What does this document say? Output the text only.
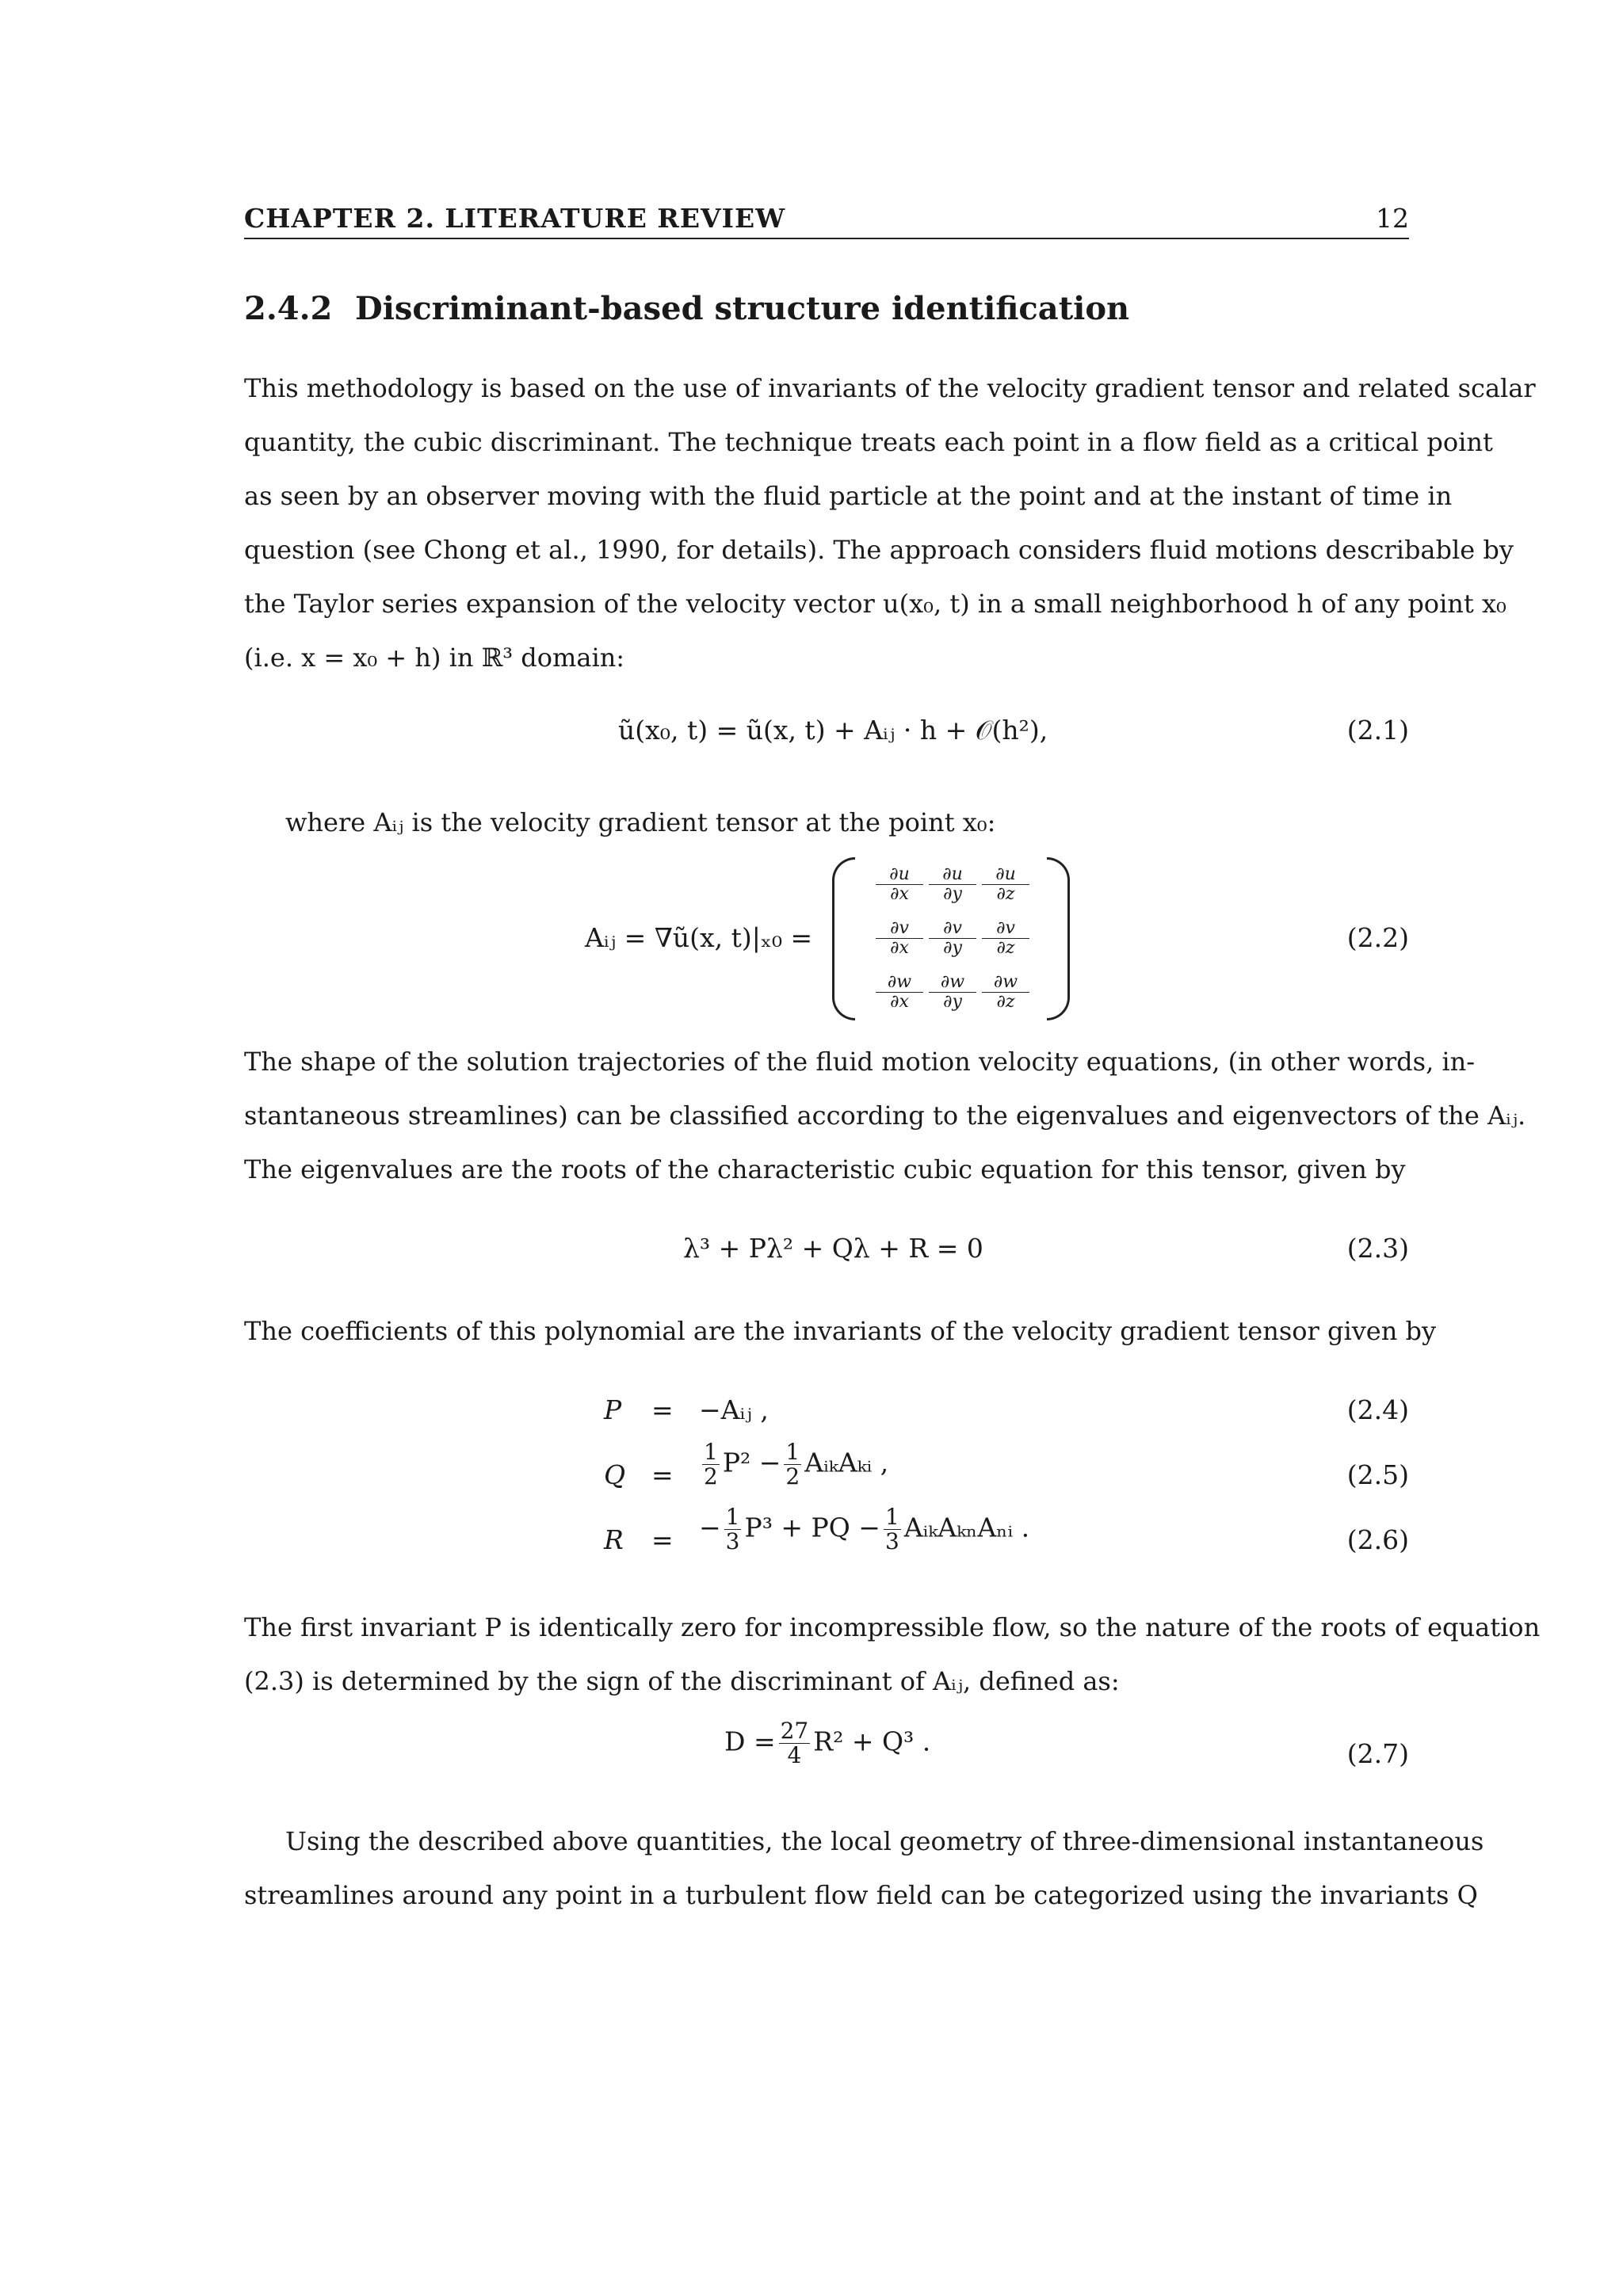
CHAPTER 2. LITERATURE REVIEW	12
2.4.2 Discriminant-based structure identification
This methodology is based on the use of invariants of the velocity gradient tensor and related scalar
quantity, the cubic discriminant. The technique treats each point in a flow field as a critical point
as seen by an observer moving with the fluid particle at the point and at the instant of time in
question (see Chong et al., 1990, for details). The approach considers fluid motions describable by
the Taylor series expansion of the velocity vector u(x₀, t) in a small neighborhood h of any point x₀
(i.e. x = x₀ + h) in ℝ³ domain:
ũ(x₀, t) = ũ(x, t) + Aᵢⱼ · h + 𝒪(h²),	(2.1)
where Aᵢⱼ is the velocity gradient tensor at the point x₀:
Aᵢⱼ = ∇ũ(x, t)|ₓ₀ =
∂u
∂x
∂u
∂y
∂u
∂z
∂v
∂x
∂v
∂y
∂v
∂z
∂w
∂x
∂w
∂y
∂w
∂z
(2.2)
The shape of the solution trajectories of the fluid motion velocity equations, (in other words, in-
stantaneous streamlines) can be classified according to the eigenvalues and eigenvectors of the Aᵢⱼ.
The eigenvalues are the roots of the characteristic cubic equation for this tensor, given by
λ³ + Pλ² + Qλ + R = 0	(2.3)
The coefficients of this polynomial are the invariants of the velocity gradient tensor given by
P = −Aᵢⱼ ,	(2.4)
$Q = \frac{1}{2} P^2 - \frac{1}{2}$ AᵢₖAₖᵢ ,	(2.5)
R = − $\frac{1}{3} P^3$ + PQ − $\frac{1}{3}$ AᵢₖAₖₙAₙᵢ .	(2.6)
The first invariant P is identically zero for incompressible flow, so the nature of the roots of equation
(2.3) is determined by the sign of the discriminant of Aᵢⱼ, defined as:
$D = \frac{27}{4} R^2 + Q^3$ .	(2.7)
Using the described above quantities, the local geometry of three-dimensional instantaneous
streamlines around any point in a turbulent flow field can be categorized using the invariants Q
